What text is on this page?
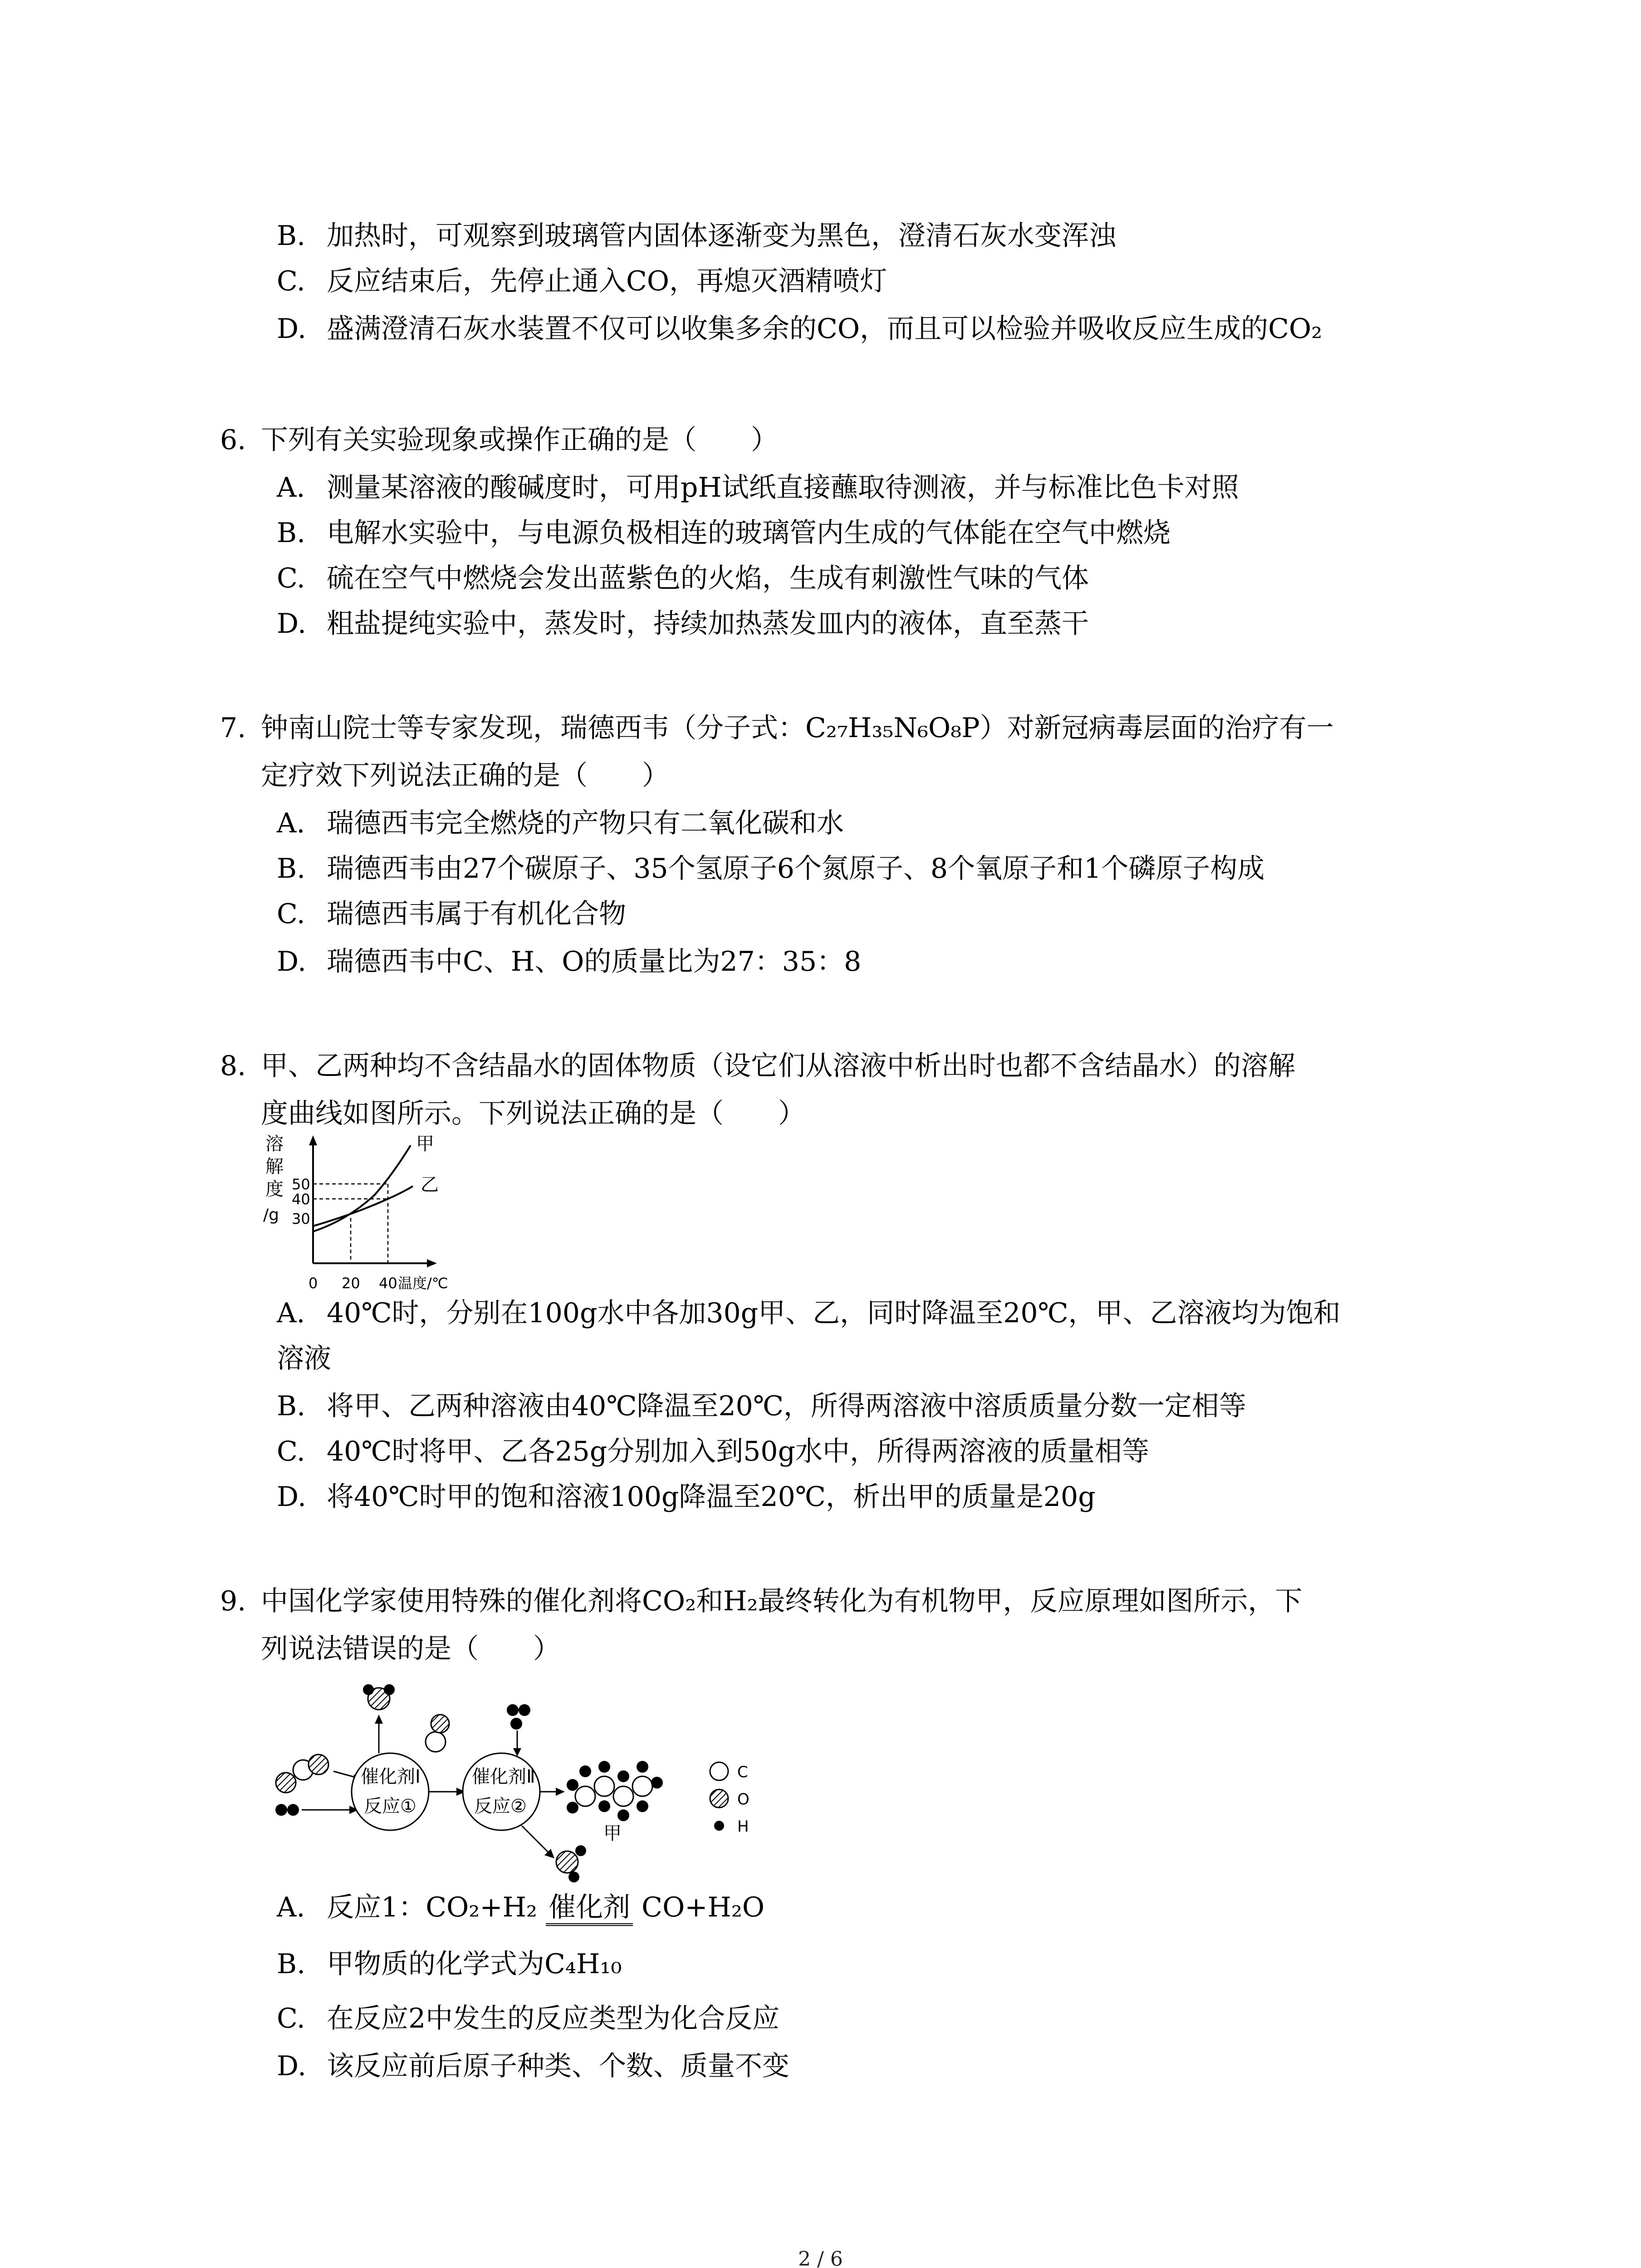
B. 加热时，可观察到玻璃管内固体逐渐变为黑色，澄清石灰水变浑浊
C. 反应结束后，先停止通入CO，再熄灭酒精喷灯
D. 盛满澄清石灰水装置不仅可以收集多余的CO，而且可以检验并吸收反应生成的CO₂
6. 下列有关实验现象或操作正确的是（　　）
A. 测量某溶液的酸碱度时，可用pH试纸直接蘸取待测液，并与标准比色卡对照
B. 电解水实验中，与电源负极相连的玻璃管内生成的气体能在空气中燃烧
C. 硫在空气中燃烧会发出蓝紫色的火焰，生成有刺激性气味的气体
D. 粗盐提纯实验中，蒸发时，持续加热蒸发皿内的液体，直至蒸干
7. 钟南山院士等专家发现，瑞德西韦（分子式：C₂₇H₃₅N₆O₈P）对新冠病毒层面的治疗有一
定疗效下列说法正确的是（　　）
A. 瑞德西韦完全燃烧的产物只有二氧化碳和水
B. 瑞德西韦由27个碳原子、35个氢原子6个氮原子、8个氧原子和1个磷原子构成
C. 瑞德西韦属于有机化合物
D. 瑞德西韦中C、H、O的质量比为27：35：8
8. 甲、乙两种均不含结晶水的固体物质（设它们从溶液中析出时也都不含结晶水）的溶解
度曲线如图所示。下列说法正确的是（　　）
溶
解
度
/g
50
40
30
甲
乙
0 20 40 温度/℃
A. 40℃时，分别在100g水中各加30g甲、乙，同时降温至20℃，甲、乙溶液均为饱和
溶液
B. 将甲、乙两种溶液由40℃降温至20℃，所得两溶液中溶质质量分数一定相等
C. 40℃时将甲、乙各25g分别加入到50g水中，所得两溶液的质量相等
D. 将40℃时甲的饱和溶液100g降温至20℃，析出甲的质量是20g
9. 中国化学家使用特殊的催化剂将CO₂和H₂最终转化为有机物甲，反应原理如图所示，下
列说法错误的是（　　）
催化剂Ⅰ
反应①
催化剂Ⅱ
反应②
甲
C
O
H
A. 反应1：CO₂+H₂ 催化剂 CO+H₂O
B. 甲物质的化学式为C₄H₁₀
C. 在反应2中发生的反应类型为化合反应
D. 该反应前后原子种类、个数、质量不变
2 / 6
